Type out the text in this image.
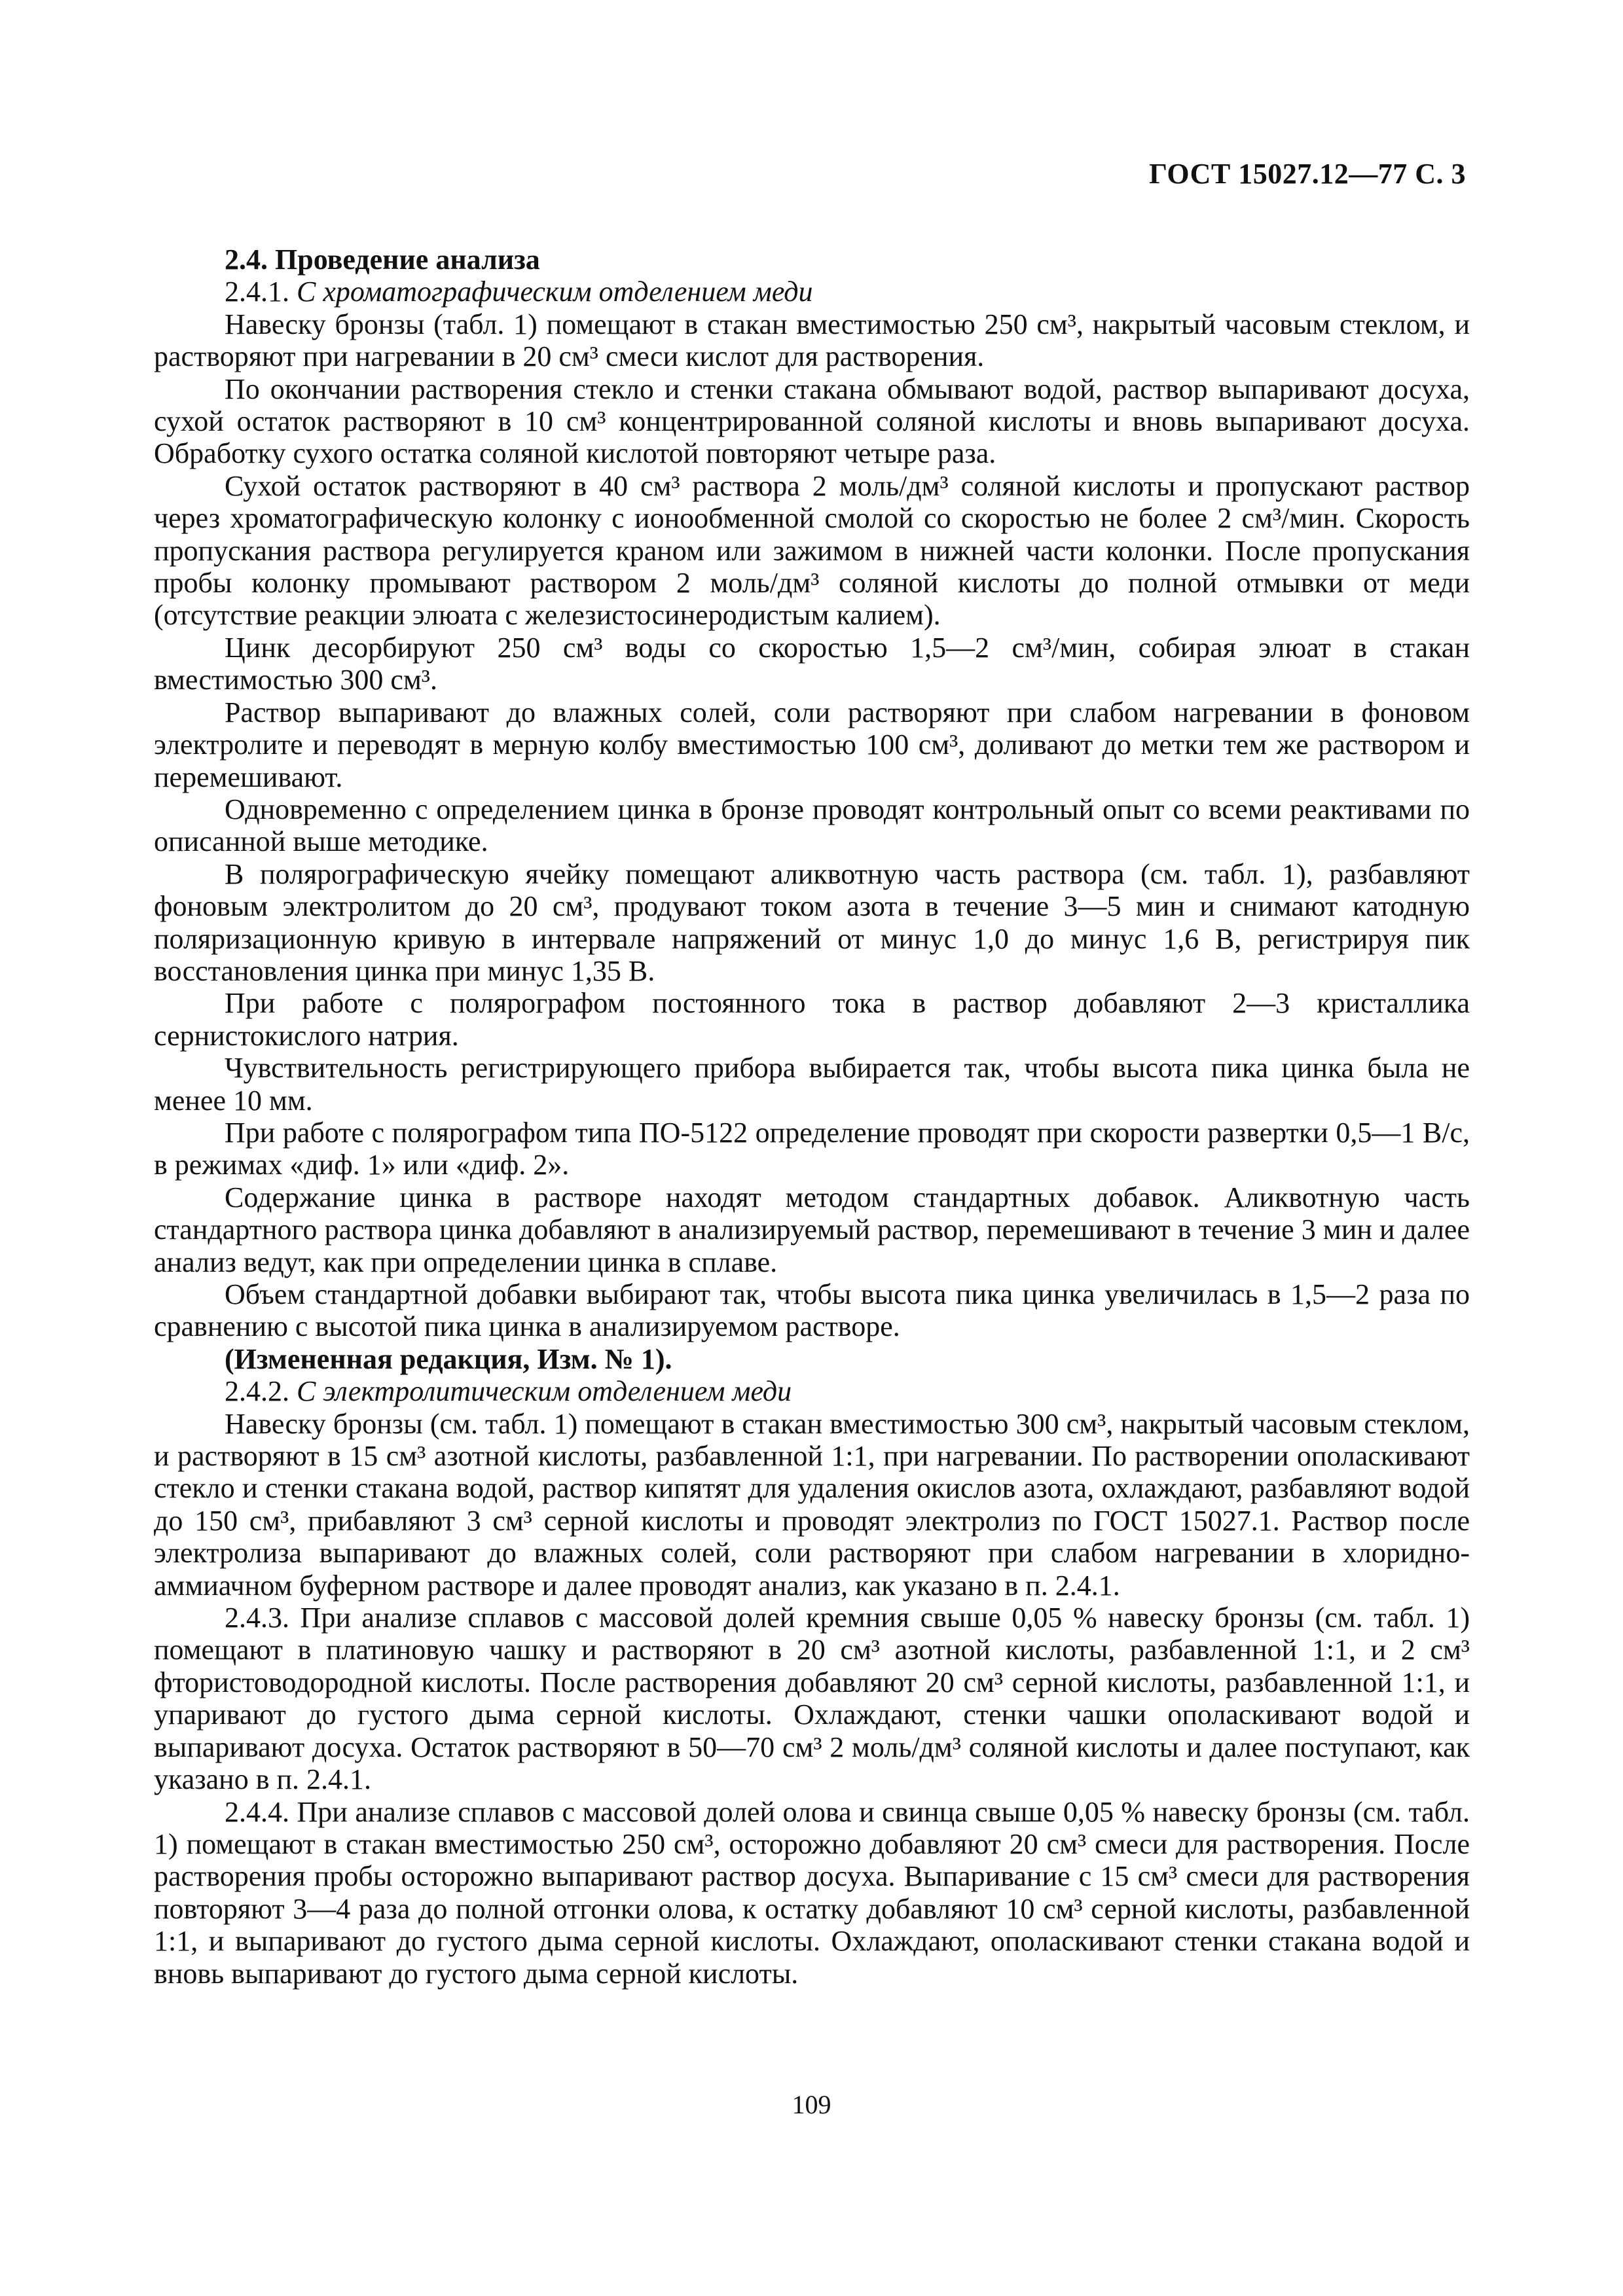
ГОСТ 15027.12—77 С. 3

2.4. Проведение анализа

2.4.1. С хроматографическим отделением меди

Навеску бронзы (табл. 1) помещают в стакан вместимостью 250 см³, накрытый часовым стеклом, и растворяют при нагревании в 20 см³ смеси кислот для растворения.

По окончании растворения стекло и стенки стакана обмывают водой, раствор выпаривают досуха, сухой остаток растворяют в 10 см³ концентрированной соляной кислоты и вновь выпаривают досуха. Обработку сухого остатка соляной кислотой повторяют четыре раза.

Сухой остаток растворяют в 40 см³ раствора 2 моль/дм³ соляной кислоты и пропускают раствор через хроматографическую колонку с ионообменной смолой со скоростью не более 2 см³/мин. Скорость пропускания раствора регулируется краном или зажимом в нижней части колонки. После пропускания пробы колонку промывают раствором 2 моль/дм³ соляной кислоты до полной отмывки от меди (отсутствие реакции элюата с железистосинеродистым калием).

Цинк десорбируют 250 см³ воды со скоростью 1,5—2 см³/мин, собирая элюат в стакан вместимостью 300 см³.

Раствор выпаривают до влажных солей, соли растворяют при слабом нагревании в фоновом электролите и переводят в мерную колбу вместимостью 100 см³, доливают до метки тем же раствором и перемешивают.

Одновременно с определением цинка в бронзе проводят контрольный опыт со всеми реактивами по описанной выше методике.

В полярографическую ячейку помещают аликвотную часть раствора (см. табл. 1), разбавляют фоновым электролитом до 20 см³, продувают током азота в течение 3—5 мин и снимают катодную поляризационную кривую в интервале напряжений от минус 1,0 до минус 1,6 В, регистрируя пик восстановления цинка при минус 1,35 В.

При работе с полярографом постоянного тока в раствор добавляют 2—3 кристаллика сернистокислого натрия.

Чувствительность регистрирующего прибора выбирается так, чтобы высота пика цинка была не менее 10 мм.

При работе с полярографом типа ПО-5122 определение проводят при скорости развертки 0,5—1 В/с, в режимах «диф. 1» или «диф. 2».

Содержание цинка в растворе находят методом стандартных добавок. Аликвотную часть стандартного раствора цинка добавляют в анализируемый раствор, перемешивают в течение 3 мин и далее анализ ведут, как при определении цинка в сплаве.

Объем стандартной добавки выбирают так, чтобы высота пика цинка увеличилась в 1,5—2 раза по сравнению с высотой пика цинка в анализируемом растворе.

(Измененная редакция, Изм. № 1).

2.4.2. С электролитическим отделением меди

Навеску бронзы (см. табл. 1) помещают в стакан вместимостью 300 см³, накрытый часовым стеклом, и растворяют в 15 см³ азотной кислоты, разбавленной 1:1, при нагревании. По растворении ополаскивают стекло и стенки стакана водой, раствор кипятят для удаления окислов азота, охлаждают, разбавляют водой до 150 см³, прибавляют 3 см³ серной кислоты и проводят электролиз по ГОСТ 15027.1. Раствор после электролиза выпаривают до влажных солей, соли растворяют при слабом нагревании в хлоридно-аммиачном буферном растворе и далее проводят анализ, как указано в п. 2.4.1.

2.4.3. При анализе сплавов с массовой долей кремния свыше 0,05 % навеску бронзы (см. табл. 1) помещают в платиновую чашку и растворяют в 20 см³ азотной кислоты, разбавленной 1:1, и 2 см³ фтористоводородной кислоты. После растворения добавляют 20 см³ серной кислоты, разбавленной 1:1, и упаривают до густого дыма серной кислоты. Охлаждают, стенки чашки ополаскивают водой и выпаривают досуха. Остаток растворяют в 50—70 см³ 2 моль/дм³ соляной кислоты и далее поступают, как указано в п. 2.4.1.

2.4.4. При анализе сплавов с массовой долей олова и свинца свыше 0,05 % навеску бронзы (см. табл. 1) помещают в стакан вместимостью 250 см³, осторожно добавляют 20 см³ смеси для растворения. После растворения пробы осторожно выпаривают раствор досуха. Выпаривание с 15 см³ смеси для растворения повторяют 3—4 раза до полной отгонки олова, к остатку добавляют 10 см³ серной кислоты, разбавленной 1:1, и выпаривают до густого дыма серной кислоты. Охлаждают, ополаскивают стенки стакана водой и вновь выпаривают до густого дыма серной кислоты.

109
